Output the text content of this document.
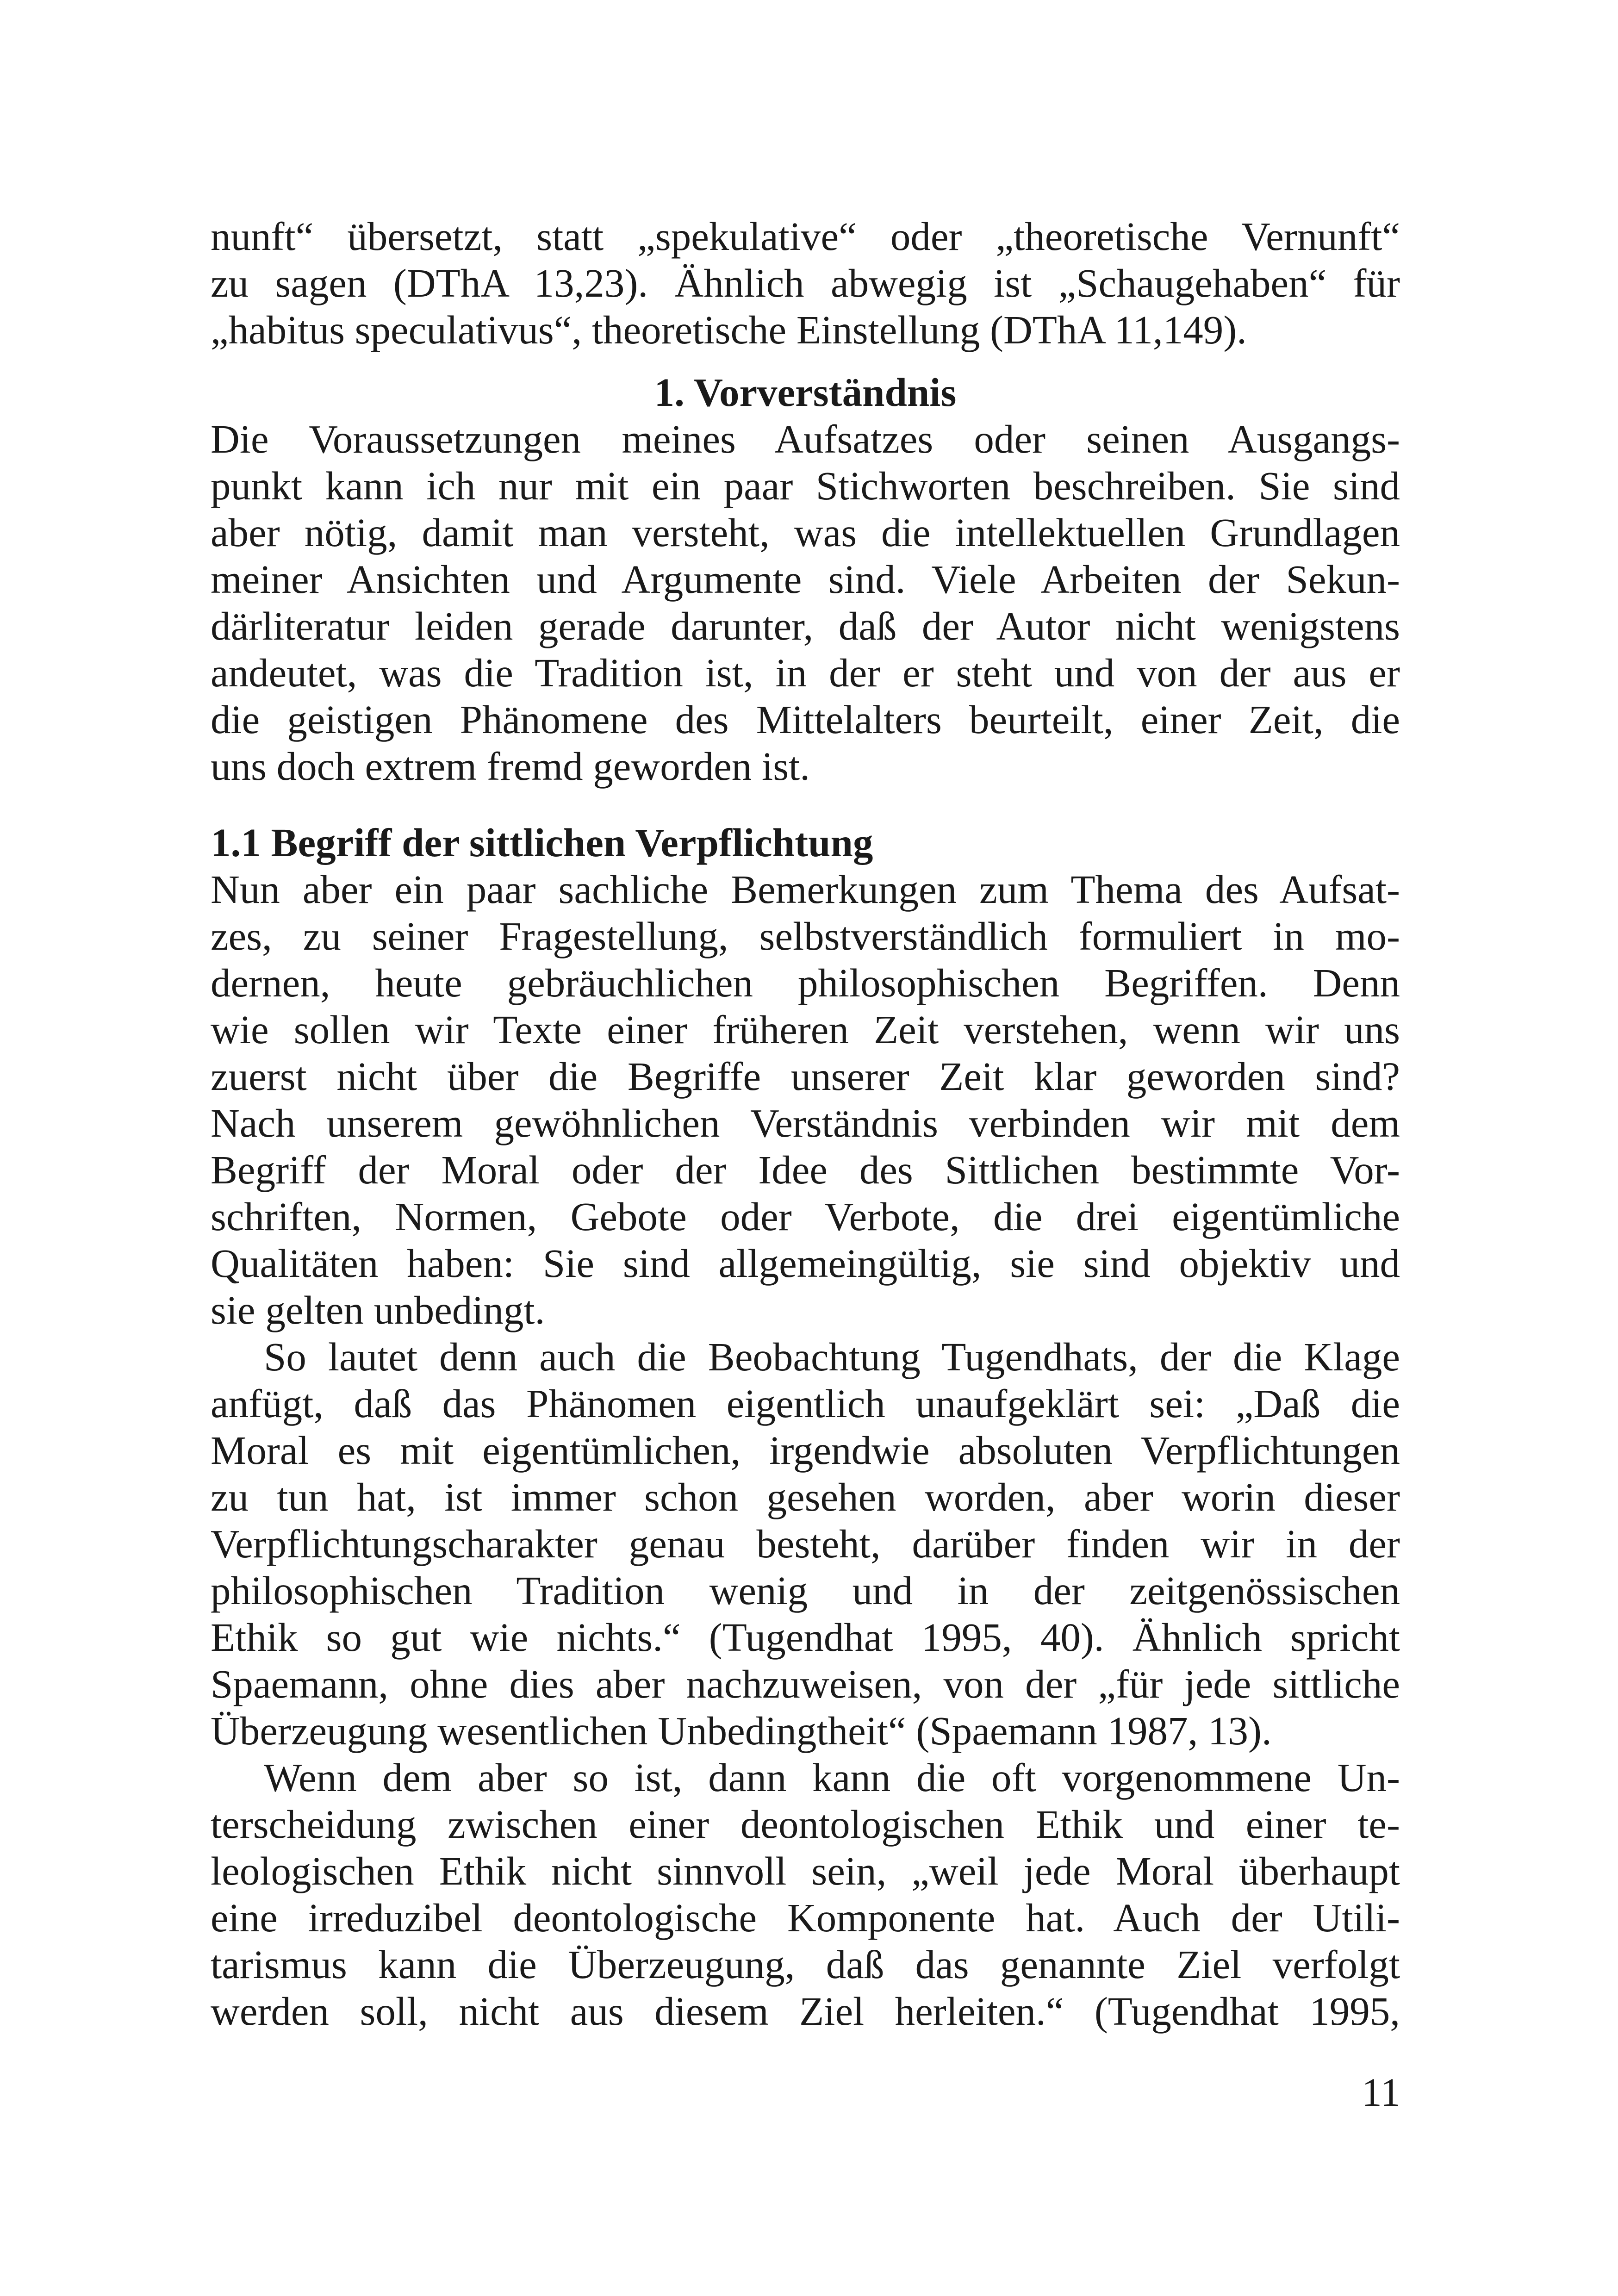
nunft“ übersetzt, statt „spekulative“ oder „theoretische Vernunft“
zu sagen (DThA 13,23). Ähnlich abwegig ist „Schaugehaben“ für
„habitus speculativus“, theoretische Einstellung (DThA 11,149).
1. Vorverständnis
Die Voraussetzungen meines Aufsatzes oder seinen Ausgangs-
punkt kann ich nur mit ein paar Stichworten beschreiben. Sie sind
aber nötig, damit man versteht, was die intellektuellen Grundlagen
meiner Ansichten und Argumente sind. Viele Arbeiten der Sekun-
därliteratur leiden gerade darunter, daß der Autor nicht wenigstens
andeutet, was die Tradition ist, in der er steht und von der aus er
die geistigen Phänomene des Mittelalters beurteilt, einer Zeit, die
uns doch extrem fremd geworden ist.
1.1 Begriff der sittlichen Verpflichtung
Nun aber ein paar sachliche Bemerkungen zum Thema des Aufsat-
zes, zu seiner Fragestellung, selbstverständlich formuliert in mo-
dernen, heute gebräuchlichen philosophischen Begriffen. Denn
wie sollen wir Texte einer früheren Zeit verstehen, wenn wir uns
zuerst nicht über die Begriffe unserer Zeit klar geworden sind?
Nach unserem gewöhnlichen Verständnis verbinden wir mit dem
Begriff der Moral oder der Idee des Sittlichen bestimmte Vor-
schriften, Normen, Gebote oder Verbote, die drei eigentümliche
Qualitäten haben: Sie sind allgemeingültig, sie sind objektiv und
sie gelten unbedingt.
So lautet denn auch die Beobachtung Tugendhats, der die Klage
anfügt, daß das Phänomen eigentlich unaufgeklärt sei: „Daß die
Moral es mit eigentümlichen, irgendwie absoluten Verpflichtungen
zu tun hat, ist immer schon gesehen worden, aber worin dieser
Verpflichtungscharakter genau besteht, darüber finden wir in der
philosophischen Tradition wenig und in der zeitgenössischen
Ethik so gut wie nichts.“ (Tugendhat 1995, 40). Ähnlich spricht
Spaemann, ohne dies aber nachzuweisen, von der „für jede sittliche
Überzeugung wesentlichen Unbedingtheit“ (Spaemann 1987, 13).
Wenn dem aber so ist, dann kann die oft vorgenommene Un-
terscheidung zwischen einer deontologischen Ethik und einer te-
leologischen Ethik nicht sinnvoll sein, „weil jede Moral überhaupt
eine irreduzibel deontologische Komponente hat. Auch der Utili-
tarismus kann die Überzeugung, daß das genannte Ziel verfolgt
werden soll, nicht aus diesem Ziel herleiten.“ (Tugendhat 1995,
11
